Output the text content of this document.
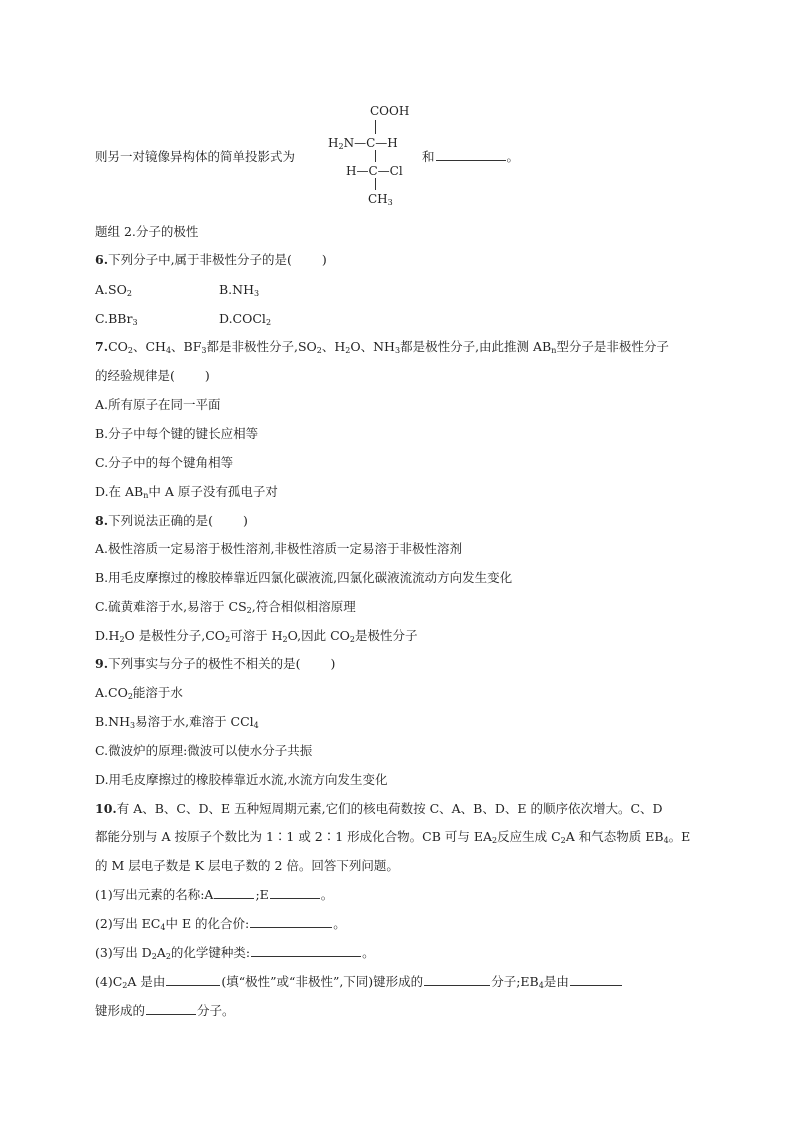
则另一对镜像异构体的简单投影式为
COOH
$H_2N—C—H$
H—C—Cl
$CH_3$
和	。
题组 2.分子的极性
6.下列分子中,属于非极性分子的是( )
$A.SO_2$	$B.NH_3$
C.BBr$_3$	D.COCl$_2$
$7.CO_2$、$CH_4$、$BF_3$都是非极性分子$,SO_2$、$H_2O$、$NH_3$都是极性分子,由此推测 $AB_n$型分子是非极性分子
的经验规律是( )
A.所有原子在同一平面
B.分子中每个键的键长应相等
C.分子中的每个键角相等
D.在 $AB_n$中 A 原子没有孤电子对
8.下列说法正确的是( )
A.极性溶质一定易溶于极性溶剂,非极性溶质一定易溶于非极性溶剂
B.用毛皮摩擦过的橡胶棒靠近四氯化碳液流,四氯化碳液流流动方向发生变化
C.硫黄难溶于水,易溶于 $CS_2$,符合相似相溶原理
$D.H_2O$ 是极性分子$,CO_2$可溶于 $H_2O$,因此 $CO_2$是极性分子
9.下列事实与分子的极性不相关的是( )
$A.CO_2$能溶于水
$B.NH_3$易溶于水,难溶于 CCl$_4$
C.微波炉的原理:微波可以使水分子共振
D.用毛皮摩擦过的橡胶棒靠近水流,水流方向发生变化
10.有 A、B、C、D、E 五种短周期元素,它们的核电荷数按 C、A、B、D、E 的顺序依次增大。C、D
都能分别与 A 按原子个数比为 1∶1 或 2∶1 形成化合物。CB 可与 $EA_2$反应生成 $C_2A$ 和气态物质 $EB_4$。E
的 M 层电子数是 K 层电子数的 2 倍。回答下列问题。
(1)写出元素的名称:A	;E	。
(2)写出 $EC_4$中 E 的化合价:	。
(3)写出 $D_2A_2$的化学键种类:	。
$(4)C_2A$ 是由	(填“极性”或“非极性”,下同)键形成的	分子$;EB_4$是由
键形成的	分子。
